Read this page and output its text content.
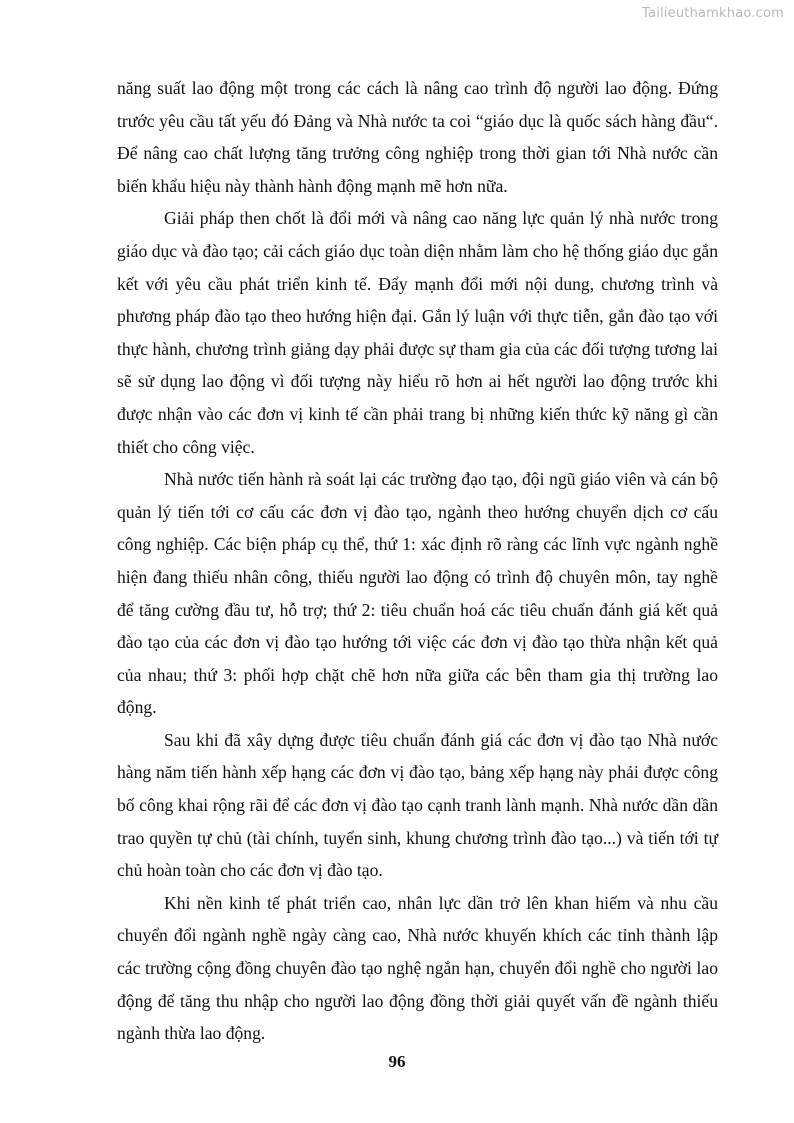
Tailieuthamkhao.com

năng suất lao động một trong các cách là nâng cao trình độ người lao động. Đứng trước yêu cầu tất yếu đó Đảng và Nhà nước ta coi “giáo dục là quốc sách hàng đầu“. Để nâng cao chất lượng tăng trưởng công nghiệp trong thời gian tới Nhà nước cần biến khẩu hiệu này thành hành động mạnh mẽ hơn nữa.

Giải pháp then chốt là đổi mới và nâng cao năng lực quản lý nhà nước trong giáo dục và đào tạo; cải cách giáo dục toàn diện nhằm làm cho hệ thống giáo dục gắn kết với yêu cầu phát triển kinh tế. Đẩy mạnh đổi mới nội dung, chương trình và phương pháp đào tạo theo hướng hiện đại. Gắn lý luận với thực tiễn, gắn đào tạo với thực hành, chương trình giảng dạy phải được sự tham gia của các đối tượng tương lai sẽ sử dụng lao động vì đối tượng này hiểu rõ hơn ai hết người lao động trước khi được nhận vào các đơn vị kinh tế cần phải trang bị những kiến thức kỹ năng gì cần thiết cho công việc.

Nhà nước tiến hành rà soát lại các trường đạo tạo, đội ngũ giáo viên và cán bộ quản lý tiến tới cơ cấu các đơn vị đào tạo, ngành theo hướng chuyển dịch cơ cấu công nghiệp. Các biện pháp cụ thể, thứ 1: xác định rõ ràng các lĩnh vực ngành nghề hiện đang thiếu nhân công, thiếu người lao động có trình độ chuyên môn, tay nghề để tăng cường đầu tư, hỗ trợ; thứ 2: tiêu chuẩn hoá các tiêu chuẩn đánh giá kết quả đào tạo của các đơn vị đào tạo hướng tới việc các đơn vị đào tạo thừa nhận kết quả của nhau; thứ 3: phối hợp chặt chẽ hơn nữa giữa các bên tham gia thị trường lao động.

Sau khi đã xây dựng được tiêu chuẩn đánh giá các đơn vị đào tạo Nhà nước hàng năm tiến hành xếp hạng các đơn vị đào tạo, bảng xếp hạng này phải được công bố công khai rộng rãi để các đơn vị đào tạo cạnh tranh lành mạnh. Nhà nước dần dần trao quyền tự chủ (tài chính, tuyển sinh, khung chương trình đào tạo...) và tiến tới tự chủ hoàn toàn cho các đơn vị đào tạo.

Khi nền kinh tế phát triển cao, nhân lực dần trở lên khan hiếm và nhu cầu chuyển đổi ngành nghề ngày càng cao, Nhà nước khuyến khích các tỉnh thành lập các trường cộng đồng chuyên đào tạo nghệ ngắn hạn, chuyển đổi nghề cho người lao động để tăng thu nhập cho người lao động đồng thời giải quyết vấn đề ngành thiếu ngành thừa lao động.

96
